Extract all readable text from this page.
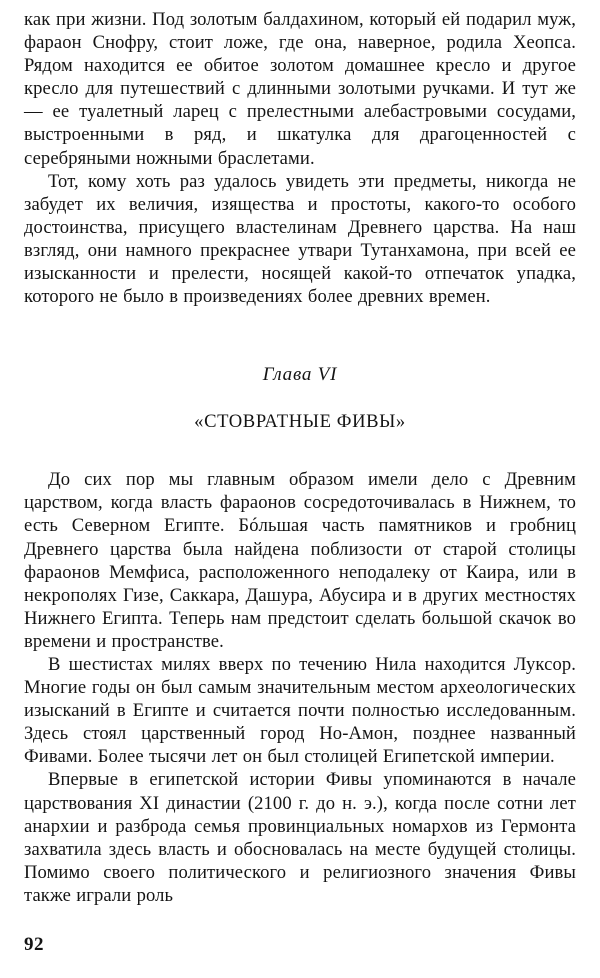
как при жизни. Под золотым балдахином, который ей подарил муж, фараон Снофру, стоит ложе, где она, наверное, родила Хеопса. Рядом находится ее обитое золотом домашнее кресло и другое кресло для путешествий с длинными золотыми ручками. И тут же — ее туалетный ларец с прелестными алебастровыми сосудами, выстроенными в ряд, и шкатулка для драгоценностей с серебряными ножными браслетами.

Тот, кому хоть раз удалось увидеть эти предметы, никогда не забудет их величия, изящества и простоты, какого-то особого достоинства, присущего властелинам Древнего царства. На наш взгляд, они намного прекраснее утвари Тутанхамона, при всей ее изысканности и прелести, носящей какой-то отпечаток упадка, которого не было в произведениях более древних времен.

Глава VI

«СТОВРАТНЫЕ ФИВЫ»

До сих пор мы главным образом имели дело с Древним царством, когда власть фараонов сосредоточивалась в Нижнем, то есть Северном Египте. Бóльшая часть памятников и гробниц Древнего царства была найдена поблизости от старой столицы фараонов Мемфиса, расположенного неподалеку от Каира, или в некрополях Гизе, Саккара, Дашура, Абусира и в других местностях Нижнего Египта. Теперь нам предстоит сделать большой скачок во времени и пространстве.

В шестистах милях вверх по течению Нила находится Луксор. Многие годы он был самым значительным местом археологических изысканий в Египте и считается почти полностью исследованным. Здесь стоял царственный город Но-Амон, позднее названный Фивами. Более тысячи лет он был столицей Египетской империи.

Впервые в египетской истории Фивы упоминаются в начале царствования XI династии (2100 г. до н. э.), когда после сотни лет анархии и разброда семья провинциальных номархов из Гермонта захватила здесь власть и обосновалась на месте будущей столицы. Помимо своего политического и религиозного значения Фивы также играли роль

92
